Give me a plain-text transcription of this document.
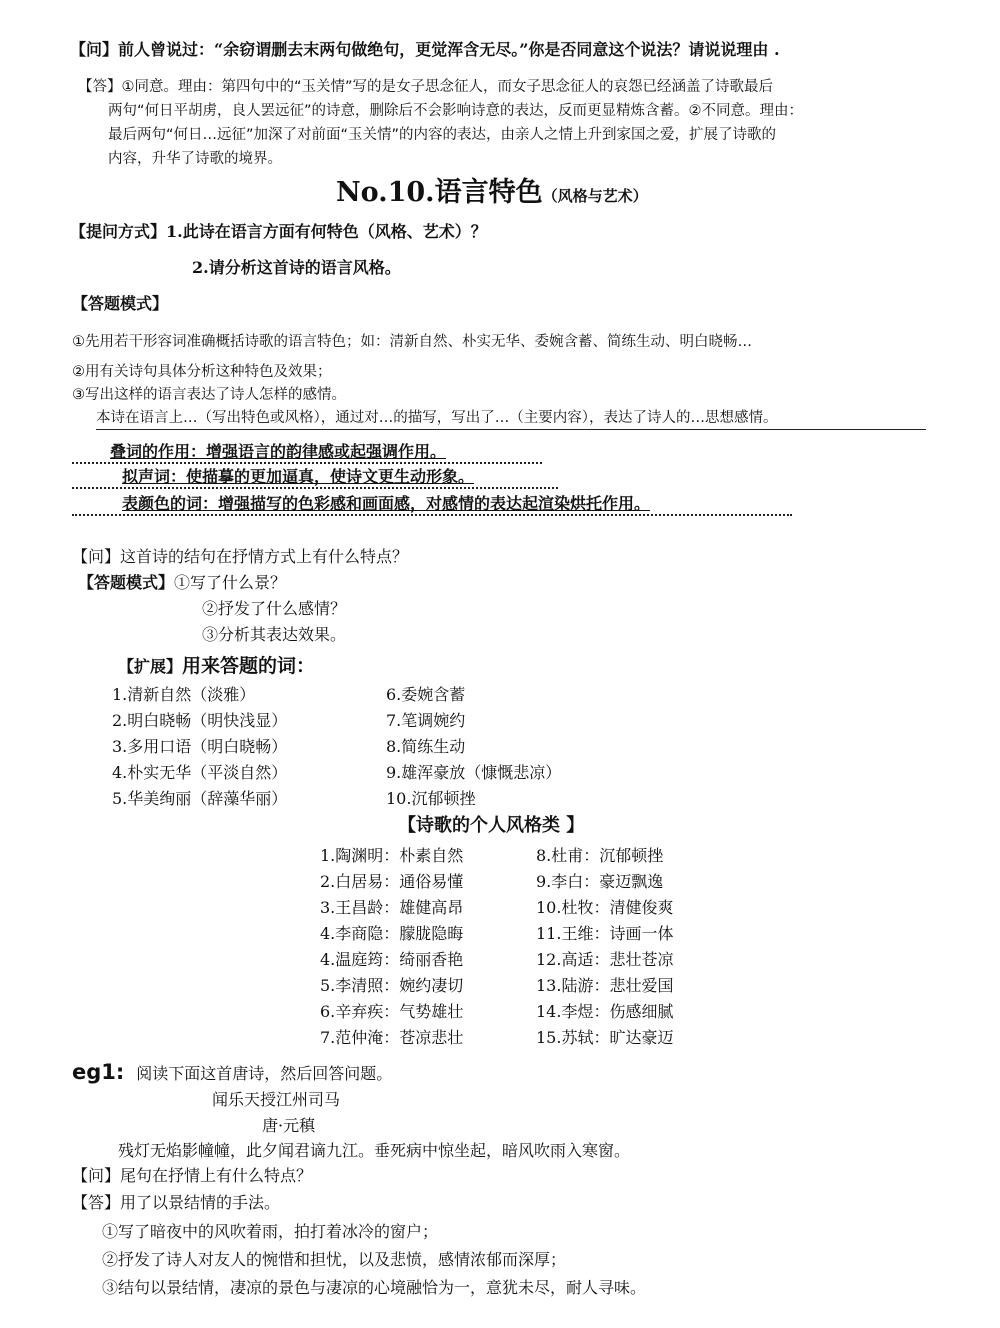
【问】前人曾说过：“余窃谓删去末两句做绝句，更觉浑含无尽。”你是否同意这个说法？请说说理由 .
【答】①同意。理由：第四句中的“玉关情”写的是女子思念征人，而女子思念征人的哀怨已经涵盖了诗歌最后
两句“何日平胡虏，良人罢远征”的诗意，删除后不会影响诗意的表达，反而更显精炼含蓄。②不同意。理由：
最后两句“何日…远征”加深了对前面“玉关情”的内容的表达，由亲人之情上升到家国之爱，扩展了诗歌的
内容，升华了诗歌的境界。
No.10.语言特色（风格与艺术）
【提问方式】1.此诗在语言方面有何特色（风格、艺术）？
2.请分析这首诗的语言风格。
【答题模式】
①先用若干形容词准确概括诗歌的语言特色；如：清新自然、朴实无华、委婉含蓄、简练生动、明白晓畅…
②用有关诗句具体分析这种特色及效果；
③写出这样的语言表达了诗人怎样的感情。
本诗在语言上…（写出特色或风格），通过对…的描写，写出了…（主要内容），表达了诗人的…思想感情。
叠词的作用：增强语言的韵律感或起强调作用。
拟声词：使描摹的更加逼真，使诗文更生动形象。
表颜色的词：增强描写的色彩感和画面感，对感情的表达起渲染烘托作用。
【问】这首诗的结句在抒情方式上有什么特点？
【答题模式】①写了什么景？
②抒发了什么感情？
③分析其表达效果。
【扩展】用来答题的词：
1.清新自然（淡雅）
2.明白晓畅（明快浅显）
3.多用口语（明白晓畅）
4.朴实无华（平淡自然）
5.华美绚丽（辞藻华丽）
6.委婉含蓄
7.笔调婉约
8.简练生动
9.雄浑豪放（慷慨悲凉）
10.沉郁顿挫
【诗歌的个人风格类 】
1.陶渊明：朴素自然
2.白居易：通俗易懂
3.王昌龄：雄健高昂
4.李商隐：朦胧隐晦
4.温庭筠：绮丽香艳
5.李清照：婉约凄切
6.辛弃疾：气势雄壮
7.范仲淹：苍凉悲壮
8.杜甫：沉郁顿挫
9.李白：豪迈飘逸
10.杜牧：清健俊爽
11.王维：诗画一体
12.高适：悲壮苍凉
13.陆游：悲壮爱国
14.李煜：伤感细腻
15.苏轼：旷达豪迈
eg1: 阅读下面这首唐诗，然后回答问题。
闻乐天授江州司马
唐·元稹
残灯无焰影幢幢，此夕闻君谪九江。垂死病中惊坐起，暗风吹雨入寒窗。
【问】尾句在抒情上有什么特点？
【答】用了以景结情的手法。
①写了暗夜中的风吹着雨，拍打着冰冷的窗户；
②抒发了诗人对友人的惋惜和担忧，以及悲愤，感情浓郁而深厚；
③结句以景结情，凄凉的景色与凄凉的心境融恰为一，意犹未尽，耐人寻味。
